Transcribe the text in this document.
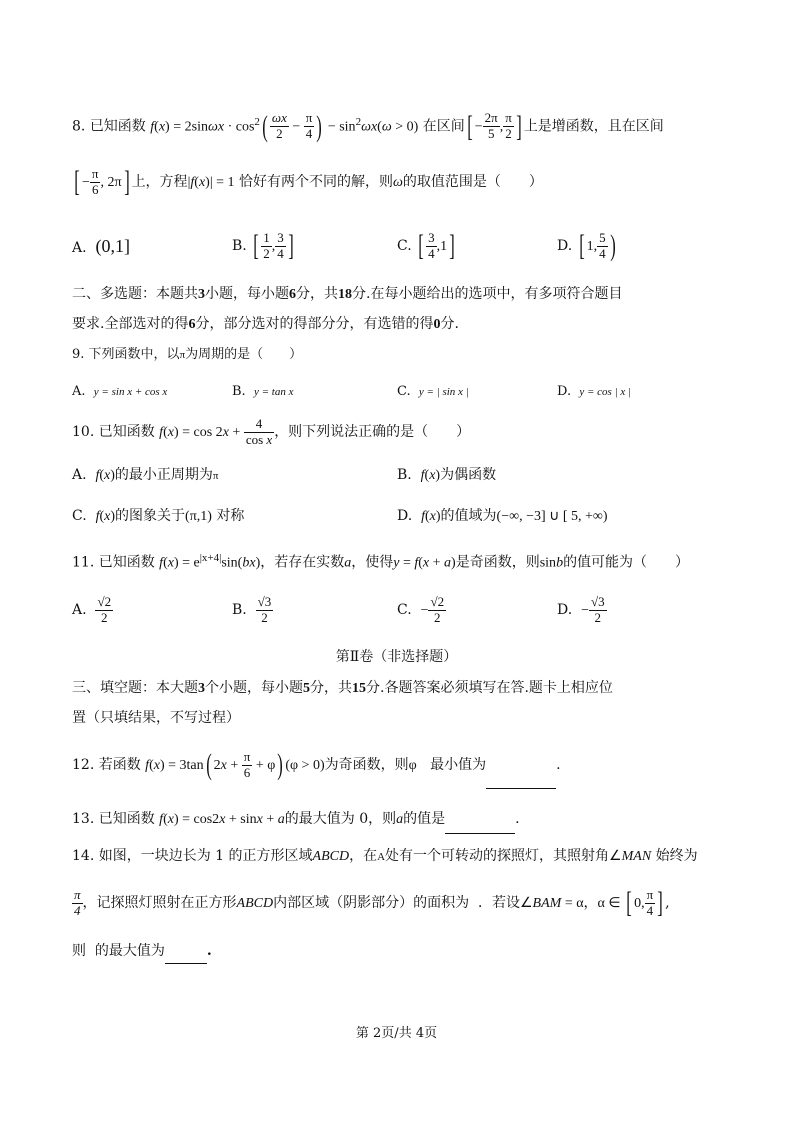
8. 已知函数 $f(x) = 2\sin\omega x \cdot \cos^2( \frac{\omega x}{2} - \frac{\pi}{4}$ ) − $\sin^2\omega x(\omega > 0)$ 在区间[ − $\frac{2\pi}{5}$ , $\frac{\pi}{2}$ ] 上是增函数，且在区间
[ − $\frac{\pi}{6}$ , 2π] 上，方程|f(x)| = 1 恰好有两个不同的解，则ω的取值范围是（　　）
A. (0,1]	B. [ $\frac{1}{2}$ , $\frac{3}{4}$ ]	C. [ $\frac{3}{4} ,1$]	D. [ 1, $\frac{5}{4}$ )
二、多选题：本题共3小题，每小题6分，共18分.在每小题给出的选项中，有多项符合题目
要求.全部选对的得6分，部分选对的得部分分，有选错的得0分.
9. 下列函数中，以π为周期的是（　　）
A.  y = sin x + cos x	B.  y = tan x	C.  y = | sin x |	D.  y = cos | x |
10. 已知函数 $f(x) = \cos 2x + \frac{4}{\text{cos x}}$ ，则下列说法正确的是（　　）
A.  f(x)的最小正周期为π	B.  f(x)为偶函数
C.  f(x)的图象关于(π,1) 对称	D.  f(x)的值域为(−∞, −3] ∪ [ 5, +∞)
11. 已知函数 $f(x) = e^{|x+4|}\sin(bx)$，若存在实数a，使得y = f(x + a)是奇函数，则sinb的值可能为（　　）
A. $\frac{√2}{2}$	B. $\frac{√3}{2}$	C.  − $\frac{√2}{2}$	D.  − $\frac{√3}{2}$
第Ⅱ卷（非选择题）
三、填空题：本大题3个小题，每小题5分，共15分.各题答案必须填写在答.题卡上相应位
置（只填结果，不写过程）
12. 若函数 f(x) = 3tan( $2x + \frac{\pi}{6} + \varphi$) (φ > 0)为奇函数，则φ 最小值为	.
13. 已知函数 f(x) = cos2x + sinx + a的最大值为 0，则a的值是	.
14. 如图，一块边长为 1 的正方形区域ABCD，在A处有一个可转动的探照灯，其照射角∠MAN 始终为
$\frac{\pi}{4}$ ，记探照灯照射在正方形ABCD内部区域（阴影部分）的面积为 ．若设∠BAM = α，α ∈ [ 0, $\frac{\pi}{4}$ ] ,
则 的最大值为	.
第 2页/共 4页
